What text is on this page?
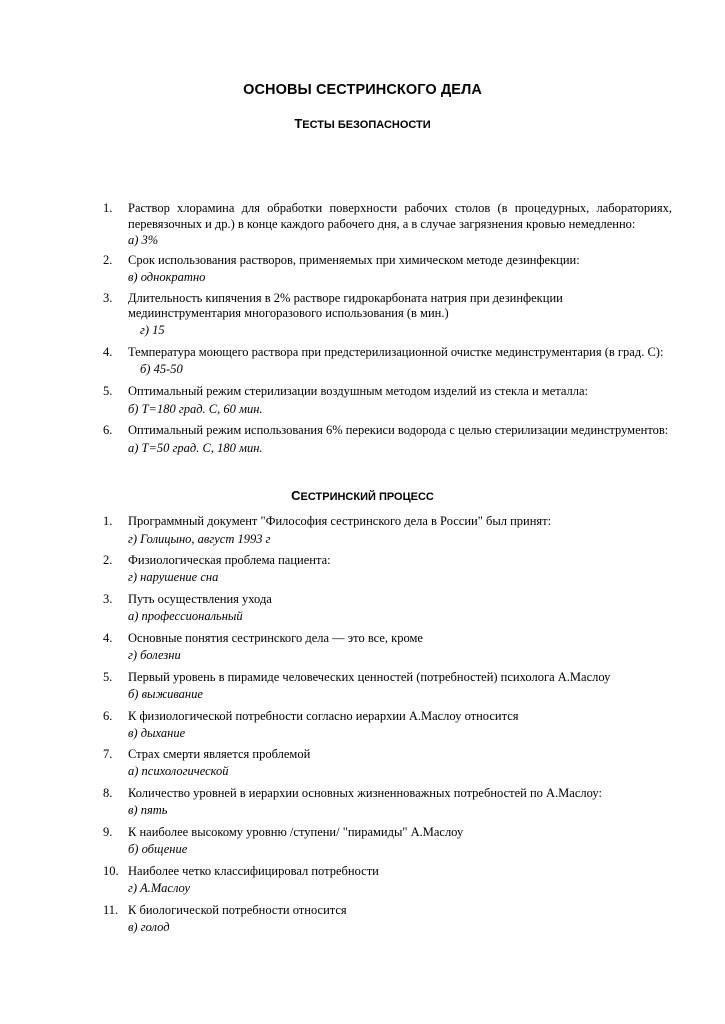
ОСНОВЫ СЕСТРИНСКОГО ДЕЛА
ТЕСТЫ БЕЗОПАСНОСТИ
1. Раствор хлорамина для обработки поверхности рабочих столов (в процедурных, лабораториях, перевязочных и др.) в конце каждого рабочего дня, а в случае загрязнения кровью немедленно:
а) 3%
2. Срок использования растворов, применяемых при химическом методе дезинфекции:
в) однократно
3. Длительность кипячения в 2% растворе гидрокарбоната натрия при дезинфекции
медиинструментария многоразового использования (в мин.)
г) 15
4. Температура моющего раствора при предстерилизационной очистке мединструментария (в град. С):
б) 45-50
5. Оптимальный режим стерилизации воздушным методом изделий из стекла и металла:
б) Т=180 град. С, 60 мин.
6. Оптимальный режим использования 6% перекиси водорода с целью стерилизации мединструментов:
а) Т=50 град. С, 180 мин.
СЕСТРИНСКИЙ ПРОЦЕСС
1. Программный документ "Философия сестринского дела в России" был принят:
г) Голицыно, август 1993 г
2. Физиологическая проблема пациента:
г) нарушение сна
3. Путь осуществления ухода
а) профессиональный
4. Основные понятия сестринского дела — это все, кроме
г) болезни
5. Первый уровень в пирамиде человеческих ценностей (потребностей) психолога А.Маслоу
б) выживание
6. К физиологической потребности согласно иерархии А.Маслоу относится
в) дыхание
7. Страх смерти является проблемой
а) психологической
8. Количество уровней в иерархии основных жизненноважных потребностей по А.Маслоу:
в) пять
9. К наиболее высокому уровню /ступени/ "пирамиды" А.Маслоу
б) общение
10. Наиболее четко классифицировал потребности
г) А.Маслоу
11. К биологической потребности относится
в) голод
